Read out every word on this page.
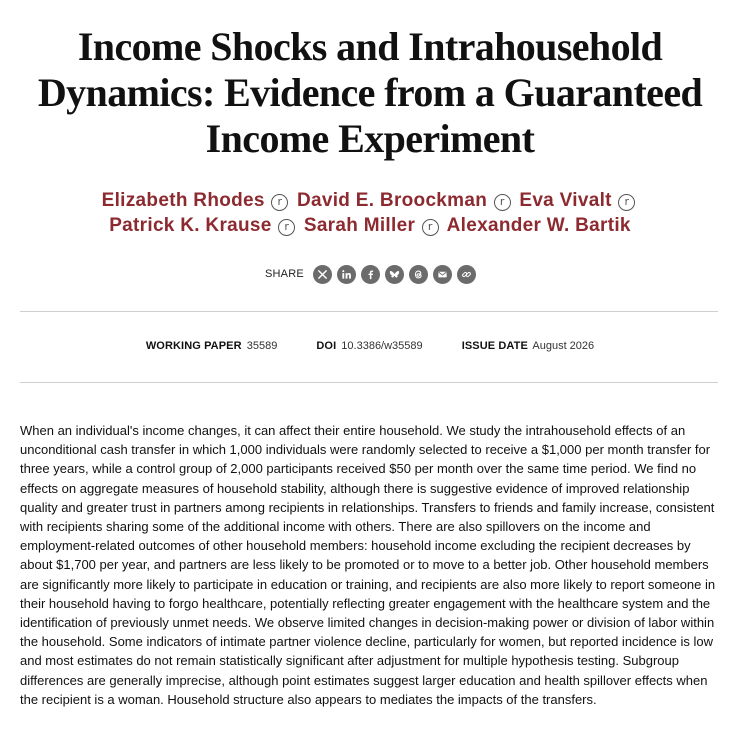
Income Shocks and Intrahousehold Dynamics: Evidence from a Guaranteed Income Experiment
Elizabeth Rhodes r David E. Broockman r Eva Vivalt r Patrick K. Krause r Sarah Miller r Alexander W. Bartik
SHARE
WORKING PAPER 35589	DOI 10.3386/w35589	ISSUE DATE August 2026

When an individual's income changes, it can affect their entire household. We study the intrahousehold effects of an unconditional cash transfer in which 1,000 individuals were randomly selected to receive a $1,000 per month transfer for three years, while a control group of 2,000 participants received $50 per month over the same time period. We find no effects on aggregate measures of household stability, although there is suggestive evidence of improved relationship quality and greater trust in partners among recipients in relationships. Transfers to friends and family increase, consistent with recipients sharing some of the additional income with others. There are also spillovers on the income and employment-related outcomes of other household members: household income excluding the recipient decreases by about $1,700 per year, and partners are less likely to be promoted or to move to a better job. Other household members are significantly more likely to participate in education or training, and recipients are also more likely to report someone in their household having to forgo healthcare, potentially reflecting greater engagement with the healthcare system and the identification of previously unmet needs. We observe limited changes in decision-making power or division of labor within the household. Some indicators of intimate partner violence decline, particularly for women, but reported incidence is low and most estimates do not remain statistically significant after adjustment for multiple hypothesis testing. Subgroup differences are generally imprecise, although point estimates suggest larger education and health spillover effects when the recipient is a woman. Household structure also appears to mediates the impacts of the transfers.
